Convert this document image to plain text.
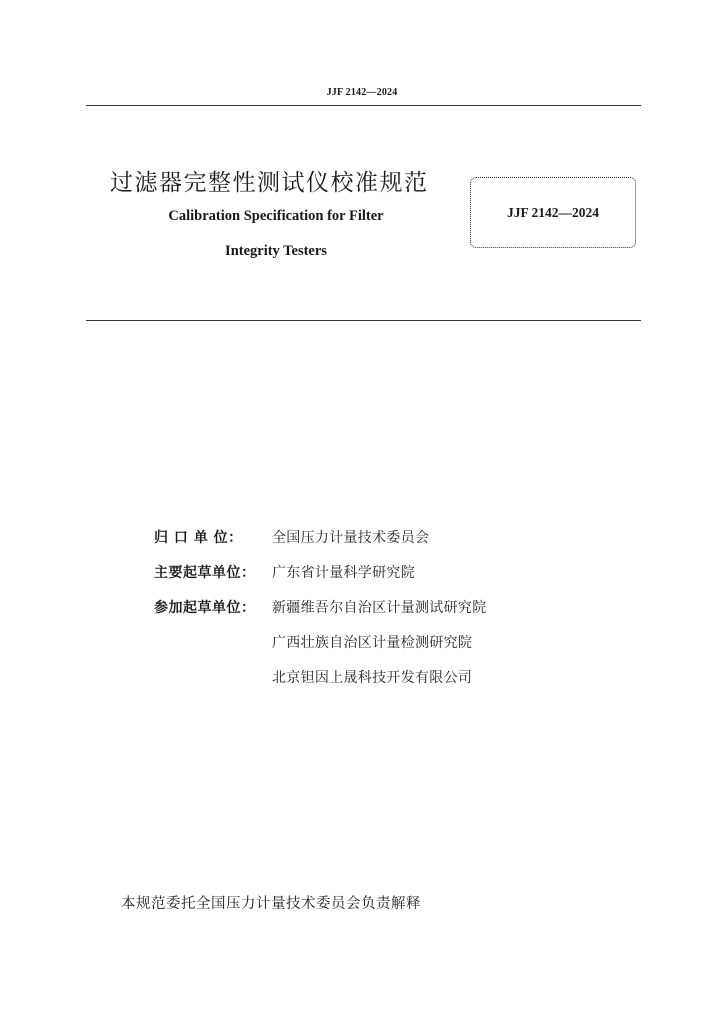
JJF 2142—2024
过滤器完整性测试仪校准规范
Calibration Specification for Filter
Integrity Testers
JJF 2142—2024
归 口 单 位：	全国压力计量技术委员会
主要起草单位：	广东省计量科学研究院
参加起草单位：	新疆维吾尔自治区计量测试研究院
广西壮族自治区计量检测研究院
北京钽因上晟科技开发有限公司
本规范委托全国压力计量技术委员会负责解释
